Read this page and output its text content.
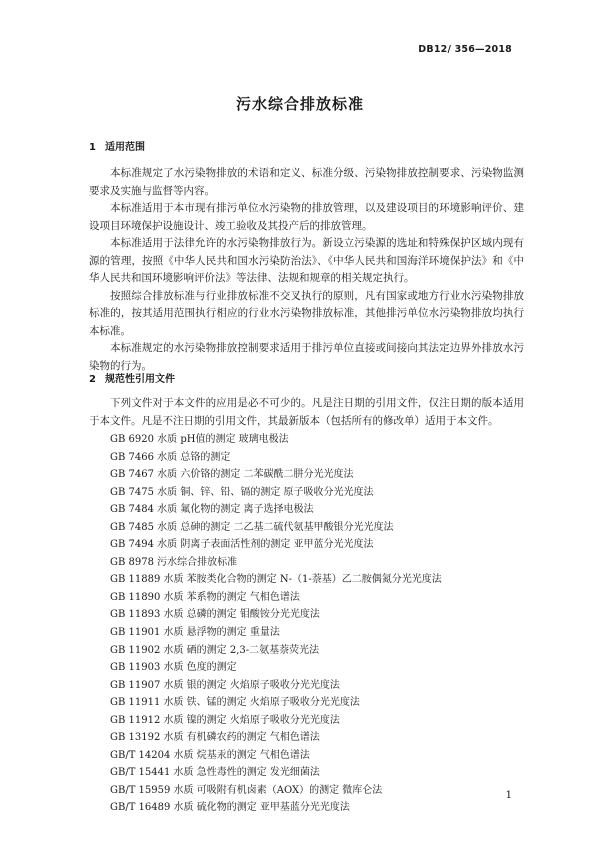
DB12/ 356—2018
污水综合排放标准
1 适用范围

本标准规定了水污染物排放的术语和定义、标准分级、污染物排放控制要求、污染物监测要求及实施与监督等内容。

本标准适用于本市现有排污单位水污染物的排放管理，以及建设项目的环境影响评价、建设项目环境保护设施设计、竣工验收及其投产后的排放管理。

本标准适用于法律允许的水污染物排放行为。新设立污染源的选址和特殊保护区域内现有源的管理，按照《中华人民共和国水污染防治法》、《中华人民共和国海洋环境保护法》和《中华人民共和国环境影响评价法》等法律、法规和规章的相关规定执行。

按照综合排放标准与行业排放标准不交叉执行的原则，凡有国家或地方行业水污染物排放标准的，按其适用范围执行相应的行业水污染物排放标准，其他排污单位水污染物排放均执行本标准。

本标准规定的水污染物排放控制要求适用于排污单位直接或间接向其法定边界外排放水污染物的行为。

2 规范性引用文件

下列文件对于本文件的应用是必不可少的。凡是注日期的引用文件，仅注日期的版本适用于本文件。凡是不注日期的引用文件，其最新版本（包括所有的修改单）适用于本文件。

GB 6920 水质 pH值的测定 玻璃电极法
GB 7466 水质 总铬的测定
GB 7467 水质 六价铬的测定 二苯碳酰二肼分光光度法
GB 7475 水质 铜、锌、铅、镉的测定 原子吸收分光光度法
GB 7484 水质 氟化物的测定 离子选择电极法
GB 7485 水质 总砷的测定 二乙基二硫代氨基甲酸银分光光度法
GB 7494 水质 阴离子表面活性剂的测定 亚甲蓝分光光度法
GB 8978 污水综合排放标准
GB 11889 水质 苯胺类化合物的测定 N-（1-萘基）乙二胺偶氮分光光度法
GB 11890 水质 苯系物的测定 气相色谱法
GB 11893 水质 总磷的测定 钼酸铵分光光度法
GB 11901 水质 悬浮物的测定 重量法
GB 11902 水质 硒的测定 2,3-二氨基萘荧光法
GB 11903 水质 色度的测定
GB 11907 水质 银的测定 火焰原子吸收分光光度法
GB 11911 水质 铁、锰的测定 火焰原子吸收分光光度法
GB 11912 水质 镍的测定 火焰原子吸收分光光度法
GB 13192 水质 有机磷农药的测定 气相色谱法
GB/T 14204 水质 烷基汞的测定 气相色谱法
GB/T 15441 水质 急性毒性的测定 发光细菌法
GB/T 15959 水质 可吸附有机卤素（AOX）的测定 微库仑法
GB/T 16489 水质 硫化物的测定 亚甲基蓝分光光度法
1
